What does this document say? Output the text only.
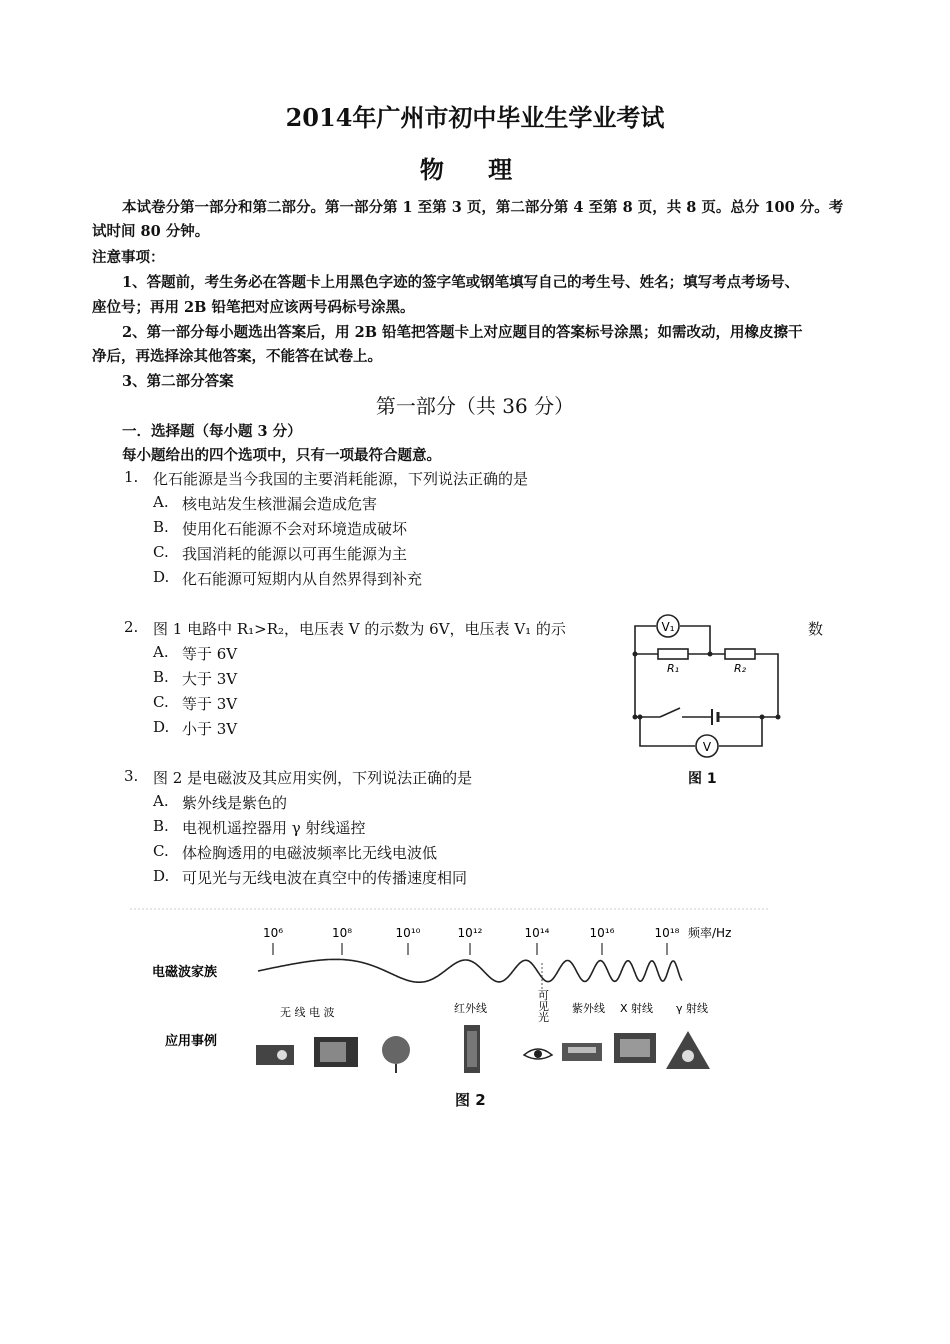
2014年广州市初中毕业生学业考试
物 理
本试卷分第一部分和第二部分。第一部分第 1 至第 3 页，第二部分第 4 至第 8 页，共 8 页。总分 100 分。考
试时间 80 分钟。
注意事项：
1、答题前，考生务必在答题卡上用黑色字迹的签字笔或钢笔填写自己的考生号、姓名；填写考点考场号、
座位号；再用 2B 铅笔把对应该两号码标号涂黑。
2、第一部分每小题选出答案后，用 2B 铅笔把答题卡上对应题目的答案标号涂黑；如需改动，用橡皮擦干
净后，再选择涂其他答案，不能答在试卷上。
3、第二部分答案
第一部分（共 36 分）
一．选择题（每小题 3 分）
每小题给出的四个选项中，只有一项最符合题意。
1. 化石能源是当今我国的主要消耗能源，下列说法正确的是
A. 核电站发生核泄漏会造成危害
B. 使用化石能源不会对环境造成破坏
C. 我国消耗的能源以可再生能源为主
D. 化石能源可短期内从自然界得到补充
2. 图 1 电路中 R₁>R₂，电压表 V 的示数为 6V，电压表 V₁ 的示	数
A. 等于 6V
B. 大于 3V
C. 等于 3V
D. 小于 3V
V₁
V
R₁	R₂
图 1
3. 图 2 是电磁波及其应用实例，下列说法正确的是
A. 紫外线是紫色的
B. 电视机遥控器用 γ 射线遥控
C. 体检胸透用的电磁波频率比无线电波低
D. 可见光与无线电波在真空中的传播速度相同
10⁶	10⁸	10¹⁰	10¹²	10¹⁴	10¹⁶	10¹⁸ 频率/Hz
电磁波家族
应用事例
无 线 电 波	红外线	可见光 紫外线 X 射线 γ 射线
图 2
